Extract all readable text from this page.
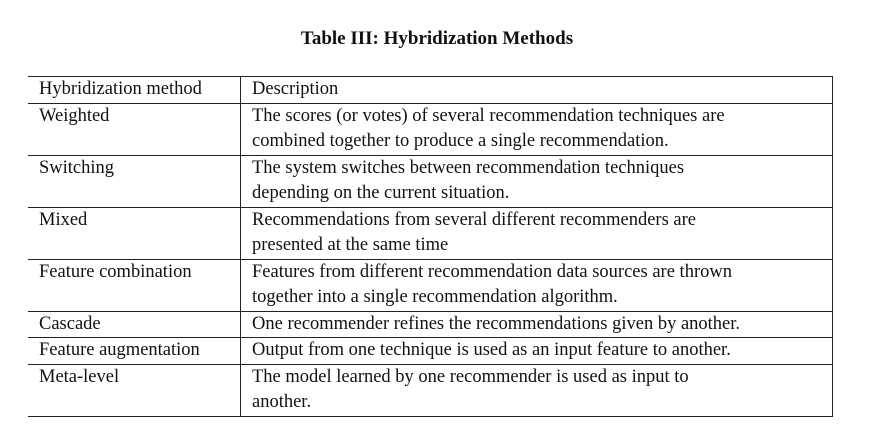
Table III: Hybridization Methods
Hybridization method	Description
Weighted	The scores (or votes) of several recommendation techniques are
combined together to produce a single recommendation.
Switching	The system switches between recommendation techniques
depending on the current situation.
Mixed	Recommendations from several different recommenders are
presented at the same time
Feature combination	Features from different recommendation data sources are thrown
together into a single recommendation algorithm.
Cascade	One recommender refines the recommendations given by another.
Feature augmentation	Output from one technique is used as an input feature to another.
Meta-level	The model learned by one recommender is used as input to
another.
